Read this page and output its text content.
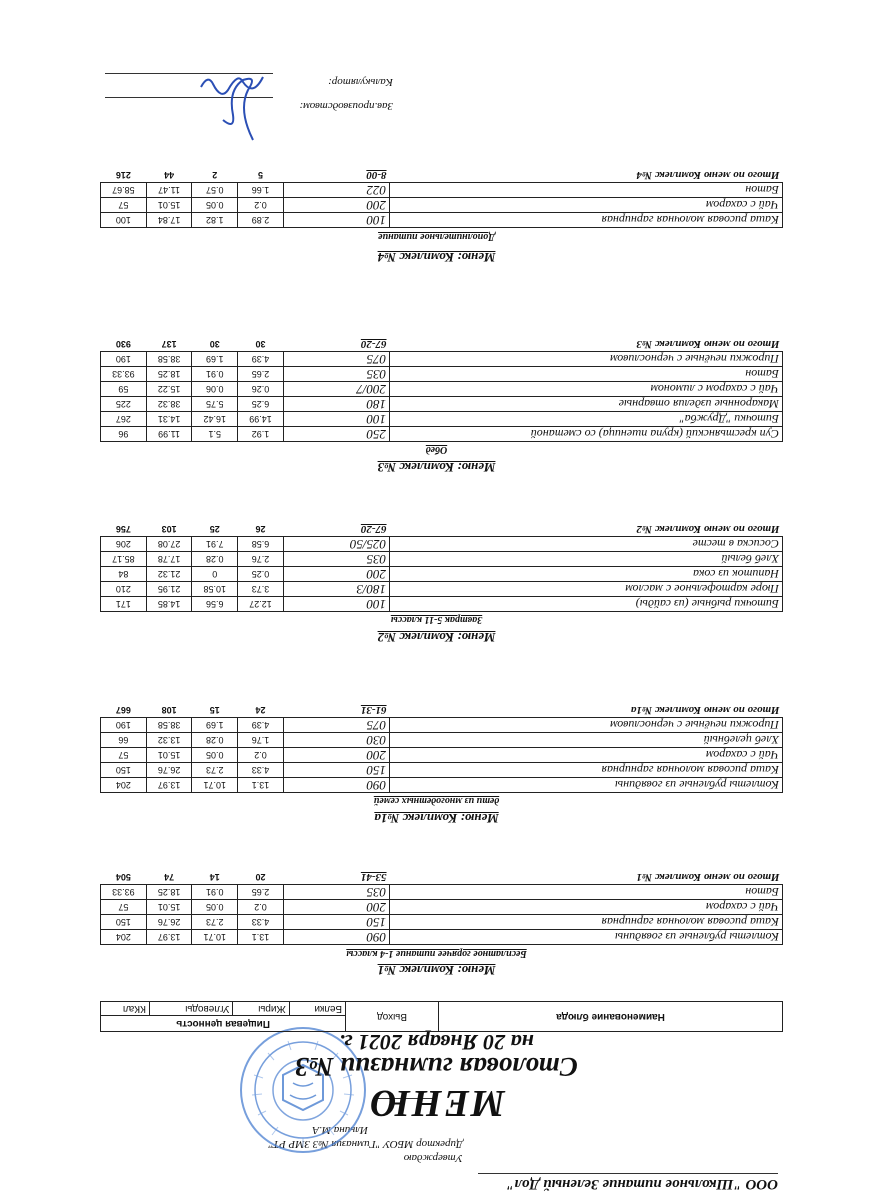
ООО "Школьное питание Зеленый Дол"
Утверждаю
Директор МБОУ "Гимназия №3 ЗМР РТ"
Ильина М.А
МЕНЮ
Столовая гимназии №3
на 20 Января 2021 г.
Наименование блюда	Выход	Пищевая ценность			
		Белки	Жиры	Углеводы	ККал
Зав.производством:
Калькулятор:
Меню: Комплекс №1
Бесплатное горячее питание 1-4 классы
Котлеты рубленые из говядины	090	13.1	10.71	13.97	204
Каша рисовая молочная гарнирная	150	4.33	2.73	26.76	150
Чай с сахаром	200	0.2	0.05	15.01	57
Батон	035	2.65	0.91	18.25	93.33
Итого по меню Комплекс №1	53-41	20	14	74	504
Меню: Комплекс №1а
дети из многодетных семей
Котлеты рубленые из говядины	090	13.1	10.71	13.97	204
Каша рисовая молочная гарнирная	150	4.33	2.73	26.76	150
Чай с сахаром	200	0.2	0.05	15.01	57
Хлеб целебный	030	1.76	0.28	13.32	66
Пирожки печёные с черносливом	075	4.39	1.69	38.58	190
Итого по меню Комплекс №1а	61-31	24	15	108	667
Меню: Комплекс №2
Завтрак 5-11 классы
Биточки рыбные (из сайды)	100	12.27	6.56	14.85	171
Пюре картофельное с маслом	180/3	3.73	10.58	21.95	210
Напиток из сока	200	0.25	0	21.32	84
Хлеб белый	035	2.76	0.28	17.78	85.17
Сосиска в тесте	025/50	6.58	7.91	27.08	206
Итого по меню Комплекс №2	67-20	26	25	103	756
Меню: Комплекс №3
Обед
Суп крестьянский (крупа пшеница) со сметаной	250	1.92	5.1	11.99	96
Биточки "Дружба"	100	14.99	16.42	14.31	267
Макаронные изделия отварные	180	6.25	5.75	38.32	225
Чай с сахаром с лимоном	200/7	0.26	0.06	15.22	59
Батон	035	2.65	0.91	18.25	93.33
Пирожки печёные с черносливом	075	4.39	1.69	38.58	190
Итого по меню Комплекс №3	67-20	30	30	137	930
Меню: Комплекс №4
Дополнительное питание
Каша рисовая молочная гарнирная	100	2.89	1.82	17.84	100
Чай с сахаром	200	0.2	0.05	15.01	57
Батон	022	1.66	0.57	11.47	58.67
Итого по меню Комплекс №4	8-00	5	2	44	216
